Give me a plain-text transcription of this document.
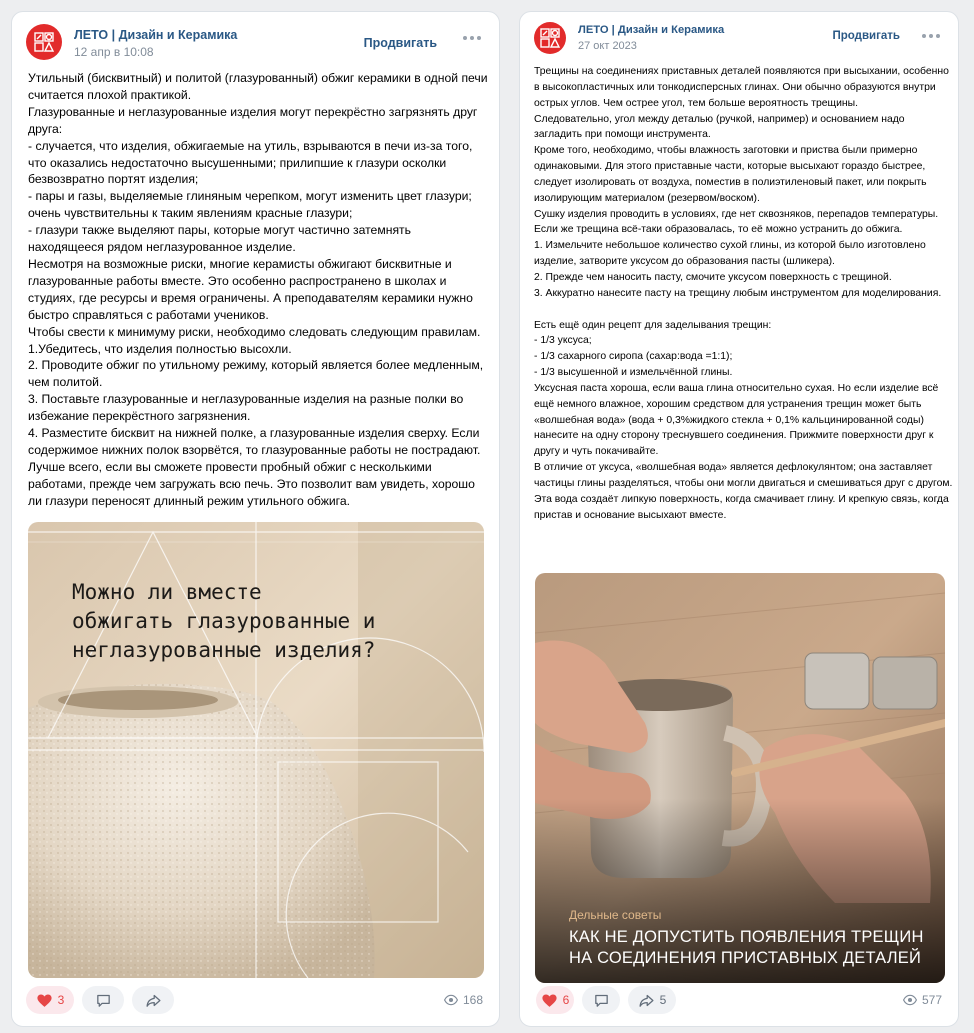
ЛЕТО | Дизайн и Керамика
12 апр в 10:08
Продвигать
Утильный (бисквитный) и политой (глазурованный) обжиг керамики в одной печи считается плохой практикой.
Глазурованные и неглазурованные изделия могут перекрёстно загрязнять друг друга:
- случается, что изделия, обжигаемые на утиль, взрываются в печи из-за того, что оказались недостаточно высушенными; прилипшие к глазури осколки безвозвратно портят изделия;
- пары и газы, выделяемые глиняным черепком, могут изменить цвет глазури; очень чувствительны к таким явлениям красные глазури;
- глазури также выделяют пары, которые могут частично затемнять находящееся рядом неглазурованное изделие.
Несмотря на возможные риски, многие керамисты обжигают бисквитные и глазурованные работы вместе. Это особенно распространено в школах и студиях, где ресурсы и время ограничены. А преподавателям керамики нужно быстро справляться с работами учеников.
Чтобы свести к минимуму риски, необходимо следовать следующим правилам.
1.Убедитесь, что изделия полностью высохли.
2. Проводите обжиг по утильному режиму, который является более медленным, чем политой.
3. Поставьте глазурованные и неглазурованные изделия на разные полки во избежание перекрёстного загрязнения.
4. Разместите бисквит на нижней полке, а глазурованные изделия сверху. Если содержимое нижних полок взорвётся, то глазурованные работы не пострадают. Лучше всего, если вы сможете провести пробный обжиг с несколькими работами, прежде чем загружать всю печь. Это позволит вам увидеть, хорошо ли глазури переносят длинный режим утильного обжига.
Можно ли вместе
обжигать глазурованные и
неглазурованные изделия?
3	168
ЛЕТО | Дизайн и Керамика
27 окт 2023
Продвигать
Трещины на соединениях приставных деталей появляются при высыхании, особенно в высокопластичных или тонкодисперсных глинах. Они обычно образуются внутри острых углов. Чем острее угол, тем больше вероятность трещины.
Следовательно, угол между деталью (ручкой, например) и основанием надо загладить при помощи инструмента.
Кроме того, необходимо, чтобы влажность заготовки и приства были примерно одинаковыми. Для этого приставные части, которые высыхают гораздо быстрее, следует изолировать от воздуха, поместив в полиэтиленовый пакет, или покрыть изолирующим материалом (резервом/воском).
Сушку изделия проводить в условиях, где нет сквозняков, перепадов температуры.
Если же трещина всё-таки образовалась, то её можно устранить до обжига.
1. Измельчите небольшое количество сухой глины, из которой было изготовлено изделие, затворите уксусом до образования пасты (шликера).
2. Прежде чем наносить пасту, смочите уксусом поверхность с трещиной.
3. Аккуратно нанесите пасту на трещину любым инструментом для моделирования.

Есть ещё один рецепт для заделывания трещин:
- 1/3 уксуса;
- 1/3 сахарного сиропа (сахар:вода =1:1);
- 1/3 высушенной и измельчённой глины.
Уксусная паста хороша, если ваша глина относительно сухая. Но если изделие всё ещё немного влажное, хорошим средством для устранения трещин может быть «волшебная вода» (вода + 0,3%жидкого стекла + 0,1% кальцинированной соды) нанесите на одну сторону треснувшего соединения. Прижмите поверхности друг к другу и чуть покачивайте.
В отличие от уксуса, «волшебная вода» является дефлокулянтом; она заставляет частицы глины разделяться, чтобы они могли двигаться и смешиваться друг с другом.
Эта вода создаёт липкую поверхность, когда смачивает глину. И крепкую связь, когда пристав и основание высыхают вместе.
Дельные советы
КАК НЕ ДОПУСТИТЬ ПОЯВЛЕНИЯ ТРЕЩИН
НА СОЕДИНЕНИЯ ПРИСТАВНЫХ ДЕТАЛЕЙ
6	5	577
